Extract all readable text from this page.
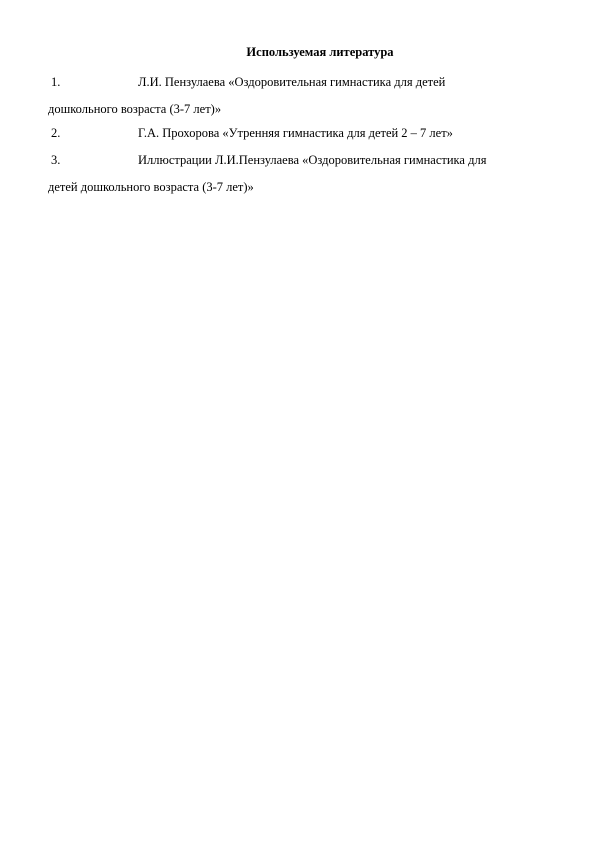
Используемая литература
1.	Л.И. Пензулаева «Оздоровительная гимнастика для детей
дошкольного возраста (3-7 лет)»
2.	Г.А. Прохорова «Утренняя гимнастика для детей 2 – 7 лет»
3.	Иллюстрации Л.И.Пензулаева «Оздоровительная гимнастика для
детей дошкольного возраста (3-7 лет)»
